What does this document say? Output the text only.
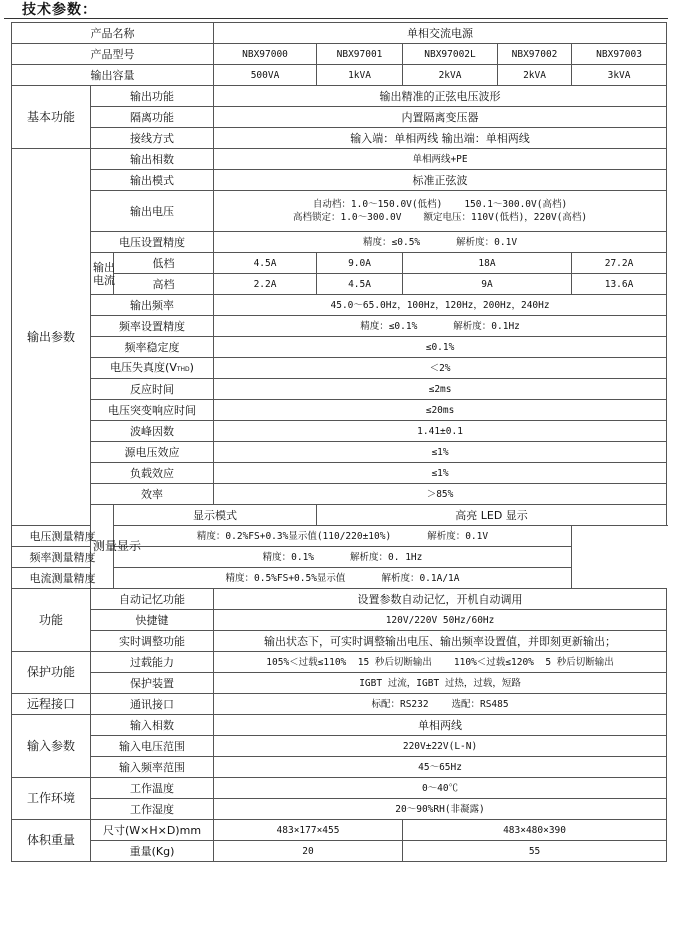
技术参数：
产品名称			单相交流电源				
产品型号			NBX97000	NBX97001	NBX97002L	NBX97002	NBX97003
输出容量			500VA	1kVA	2kVA	2kVA	3kVA
基本功能	输出功能		输出精准的正弦电压波形				
	隔离功能		内置隔离变压器				
	接线方式		输入端：单相两线 输出端：单相两线				
输出参数	输出相数		单相两线+PE				
	输出模式		标准正弦波				
	输出电压		自动档：1.0～150.0V(低档) 150.1～300.0V(高档)
高档锁定：1.0～300.0V 额定电压：110V(低档)，220V(高档)				

	电压设置精度		精度：≤0.5% 解析度：0.1V				

	输出
电流	低档	4.5A	9.0A	18A		27.2A
		高档	2.2A	4.5A	9A		13.6A
	输出频率		45.0～65.0Hz，100Hz，120Hz，200Hz，240Hz				
	频率设置精度		精度：≤0.1% 解析度：0.1Hz				
	频率稳定度		≤0.1%				
	电压失真度(VTHD)		＜2%				
	反应时间		≤2ms				
	电压突变响应时间		≤20ms				
	波峰因数		1.41±0.1				
	源电压效应		≤1%				
	负载效应		≤1%				
	效率		＞85%				
	测量显示	显示模式		高亮 LED 显示			
电压测量精度		精度：0.2%FS+0.3%显示值(110/220±10%) 解析度：0.1V					
频率测量精度		精度：0.1% 解析度：0. 1Hz					
电流测量精度		精度：0.5%FS+0.5%显示值 解析度：0.1A/1A					
功能	自动记忆功能		设置参数自动记忆，开机自动调用				
	快捷键		120V/220V 50Hz/60Hz				
	实时调整功能		输出状态下，可实时调整输出电压、输出频率设置值，并即刻更新输出；				
保护功能	过载能力		105%＜过载≤110% 15 秒后切断输出 110%＜过载≤120% 5 秒后切断输出				
	保护装置		IGBT 过流，IGBT 过热，过载，短路				
远程接口	通讯接口		标配：RS232 选配：RS485				
输入参数	输入相数		单相两线				
	输入电压范围		220V±22V(L-N)				
	输入频率范围		45～65Hz				
工作环境	工作温度		0～40℃				
	工作湿度		20～90%RH(非凝露)				
体积重量	尺寸(W×H×D)mm		483×177×455		483×480×390		
	重量(Kg)		20		55		
